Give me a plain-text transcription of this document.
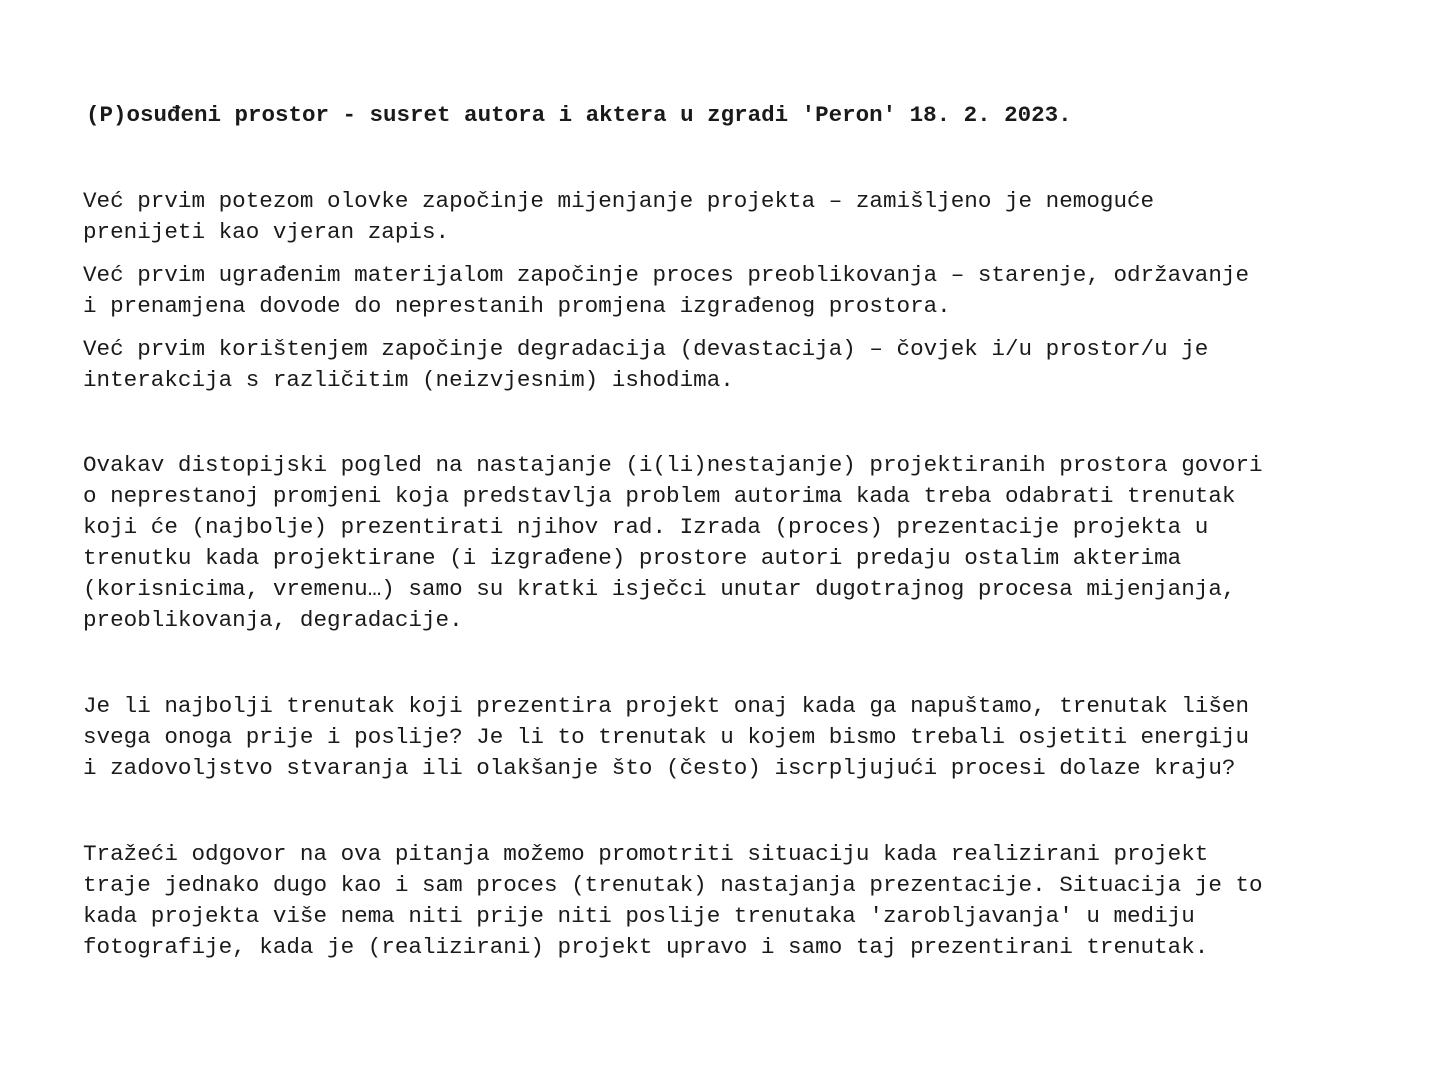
(P)osuđeni prostor - susret autora i aktera u zgradi 'Peron' 18. 2. 2023.

Već prvim potezom olovke započinje mijenjanje projekta – zamišljeno je nemoguće
prenijeti kao vjeran zapis.

Već prvim ugrađenim materijalom započinje proces preoblikovanja – starenje, održavanje
i prenamjena dovode do neprestanih promjena izgrađenog prostora.

Već prvim korištenjem započinje degradacija (devastacija) – čovjek i/u prostor/u je
interakcija s različitim (neizvjesnim) ishodima.

Ovakav distopijski pogled na nastajanje (i(li)nestajanje) projektiranih prostora govori
o neprestanoj promjeni koja predstavlja problem autorima kada treba odabrati trenutak
koji će (najbolje) prezentirati njihov rad. Izrada (proces) prezentacije projekta u
trenutku kada projektirane (i izgrađene) prostore autori predaju ostalim akterima
(korisnicima, vremenu…) samo su kratki isječci unutar dugotrajnog procesa mijenjanja,
preoblikovanja, degradacije.

Je li najbolji trenutak koji prezentira projekt onaj kada ga napuštamo, trenutak lišen
svega onoga prije i poslije? Je li to trenutak u kojem bismo trebali osjetiti energiju
i zadovoljstvo stvaranja ili olakšanje što (često) iscrpljujući procesi dolaze kraju?

Tražeći odgovor na ova pitanja možemo promotriti situaciju kada realizirani projekt
traje jednako dugo kao i sam proces (trenutak) nastajanja prezentacije. Situacija je to
kada projekta više nema niti prije niti poslije trenutaka 'zarobljavanja' u mediju
fotografije, kada je (realizirani) projekt upravo i samo taj prezentirani trenutak.
